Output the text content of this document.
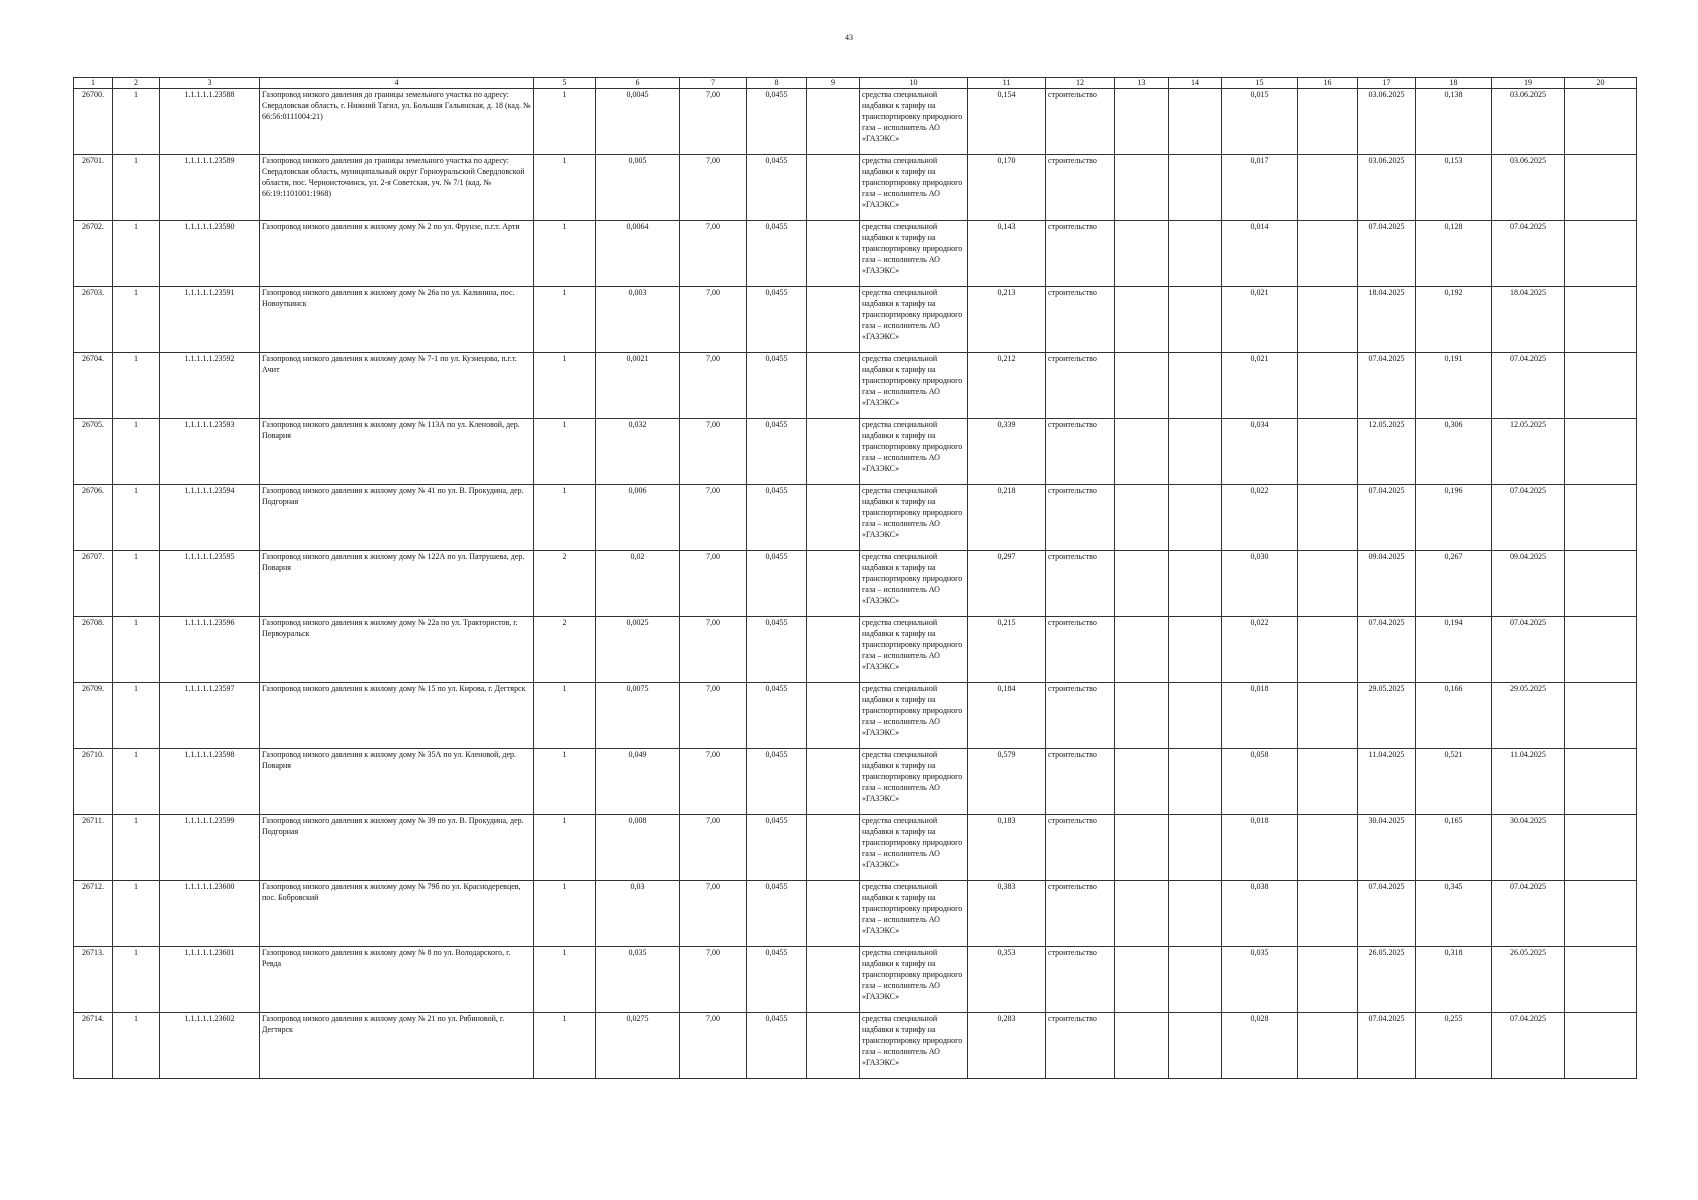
43
1	2	3	4	5	6	7	8	9	10	11	12	13	14	15	16	17	18	19	20
26700.	1	1.1.1.1.1.23588	Газопровод низкого давления до границы земельного участка по адресу: Свердловская область, г. Нижний Тагил, ул. Большая Гальянская, д. 18 (кад. № 66:56:0111004:21)	1	0,0045	7,00	0,0455		средства специальной надбавки к тарифу на транспортировку природного газа – исполнитель АО «ГАЗЭКС»	0,154	строительство			0,015		03.06.2025	0,138	03.06.2025	
26701.	1	1.1.1.1.1.23589	Газопровод низкого давления до границы земельного участка по адресу: Свердловская область, муниципальный округ Горноуральский Свердловской области, пос. Черноисточинск, ул. 2-я Советская, уч. № 7/1 (кад. № 66:19:1101001:1968)	1	0,005	7,00	0,0455		средства специальной надбавки к тарифу на транспортировку природного газа – исполнитель АО «ГАЗЭКС»	0,170	строительство			0,017		03.06.2025	0,153	03.06.2025	
26702.	1	1.1.1.1.1.23590	Газопровод низкого давления к жилому дому № 2 по ул. Фрунзе, п.г.т. Арти	1	0,0064	7,00	0,0455		средства специальной надбавки к тарифу на транспортировку природного газа – исполнитель АО «ГАЗЭКС»	0,143	строительство			0,014		07.04.2025	0,128	07.04.2025	
26703.	1	1.1.1.1.1.23591	Газопровод низкого давления к жилому дому № 26а по ул. Калинина, пос. Новоуткинск	1	0,003	7,00	0,0455		средства специальной надбавки к тарифу на транспортировку природного газа – исполнитель АО «ГАЗЭКС»	0,213	строительство			0,021		18.04.2025	0,192	18.04.2025	
26704.	1	1.1.1.1.1.23592	Газопровод низкого давления к жилому дому № 7-1 по ул. Кузнецова, п.г.т. Ачит	1	0,0021	7,00	0,0455		средства специальной надбавки к тарифу на транспортировку природного газа – исполнитель АО «ГАЗЭКС»	0,212	строительство			0,021		07.04.2025	0,191	07.04.2025	
26705.	1	1.1.1.1.1.23593	Газопровод низкого давления к жилому дому № 113А по ул. Кленовой, дер. Поварня	1	0,032	7,00	0,0455		средства специальной надбавки к тарифу на транспортировку природного газа – исполнитель АО «ГАЗЭКС»	0,339	строительство			0,034		12.05.2025	0,306	12.05.2025	
26706.	1	1.1.1.1.1.23594	Газопровод низкого давления к жилому дому № 41 по ул. В. Прокудина, дер. Подгорная	1	0,006	7,00	0,0455		средства специальной надбавки к тарифу на транспортировку природного газа – исполнитель АО «ГАЗЭКС»	0,218	строительство			0,022		07.04.2025	0,196	07.04.2025	
26707.	1	1.1.1.1.1.23595	Газопровод низкого давления к жилому дому № 122А по ул. Патрушева, дер. Поварня	2	0,02	7,00	0,0455		средства специальной надбавки к тарифу на транспортировку природного газа – исполнитель АО «ГАЗЭКС»	0,297	строительство			0,030		09.04.2025	0,267	09.04.2025	
26708.	1	1.1.1.1.1.23596	Газопровод низкого давления к жилому дому № 22а по ул. Трактористов, г. Первоуральск	2	0,0025	7,00	0,0455		средства специальной надбавки к тарифу на транспортировку природного газа – исполнитель АО «ГАЗЭКС»	0,215	строительство			0,022		07.04.2025	0,194	07.04.2025	
26709.	1	1.1.1.1.1.23597	Газопровод низкого давления к жилому дому № 15 по ул. Кирова, г. Дегтярск	1	0,0075	7,00	0,0455		средства специальной надбавки к тарифу на транспортировку природного газа – исполнитель АО «ГАЗЭКС»	0,184	строительство			0,018		29.05.2025	0,166	29.05.2025	
26710.	1	1.1.1.1.1.23598	Газопровод низкого давления к жилому дому № 35А по ул. Кленовой, дер. Поварня	1	0,049	7,00	0,0455		средства специальной надбавки к тарифу на транспортировку природного газа – исполнитель АО «ГАЗЭКС»	0,579	строительство			0,058		11.04.2025	0,521	11.04.2025	
26711.	1	1.1.1.1.1.23599	Газопровод низкого давления к жилому дому № 39 по ул. В. Прокудина, дер. Подгорная	1	0,008	7,00	0,0455		средства специальной надбавки к тарифу на транспортировку природного газа – исполнитель АО «ГАЗЭКС»	0,183	строительство			0,018		30.04.2025	0,165	30.04.2025	
26712.	1	1.1.1.1.1.23600	Газопровод низкого давления к жилому дому № 79б по ул. Краснодеревцев, пос. Бобровский	1	0,03	7,00	0,0455		средства специальной надбавки к тарифу на транспортировку природного газа – исполнитель АО «ГАЗЭКС»	0,383	строительство			0,038		07.04.2025	0,345	07.04.2025	
26713.	1	1.1.1.1.1.23601	Газопровод низкого давления к жилому дому № 8 по ул. Володарского, г. Ревда	1	0,035	7,00	0,0455		средства специальной надбавки к тарифу на транспортировку природного газа – исполнитель АО «ГАЗЭКС»	0,353	строительство			0,035		26.05.2025	0,318	26.05.2025	
26714.	1	1.1.1.1.1.23602	Газопровод низкого давления к жилому дому № 21 по ул. Рябиновой, г. Дегтярск	1	0,0275	7,00	0,0455		средства специальной надбавки к тарифу на транспортировку природного газа – исполнитель АО «ГАЗЭКС»	0,283	строительство			0,028		07.04.2025	0,255	07.04.2025	
